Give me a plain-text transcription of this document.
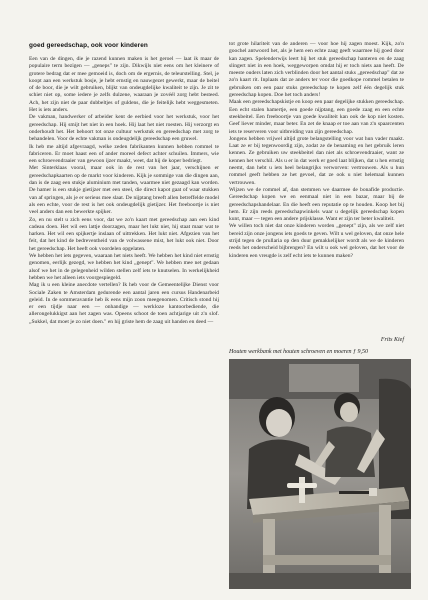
goed gereedschap, ook voor kinderen

Een van de dingen, die je razend kunnen maken is het geroel — laat ik maar de populaire term bezigen — „geneps" te zijn. Dikwijls niet eens om het kleinere of grotere bedrag dat er mee gemoeid is, doch om de ergernis, de teleurstelling. Stel, je koopt aan een werkstuk bosje, je hebt ernstig en nauwgezet gewerkt, maar de beitel of de boor, die je wilt gebruiken, blijkt van ondeugdelijke kwaliteit te zijn. Je zit te schiet niet op, some iedere je zelfs dulzene, waaraan je zovéél zorg hebt besteed. Ach, het zijn niet de paar dubbeltjes of guldens, die je feitelijk hebt weggesmeten. Het is iets anders.

De vakman, handwerker of arbeider kent de eerbied voor het werkstuk, voor het gereedschap. Hij smijt het niet in een hoek. Hij laat het niet roesten. Hij verzorgt en onderhoudt het. Het behoort tot onze cultuur werkstuk en gereedschap met zorg te behandelen. Voor de echte vakman is ondeugdelijk gereedschap een gruwel.

Ik heb me altijd afgevraagd, welke zeden fabrikanten kunnen hebben rommel te fabriceren. Er moet haast een of ander moreel defect achter schuilen. Immers, wie een schroevendraaier van gewoon ijzer maakt, weet, dat hij de koper bedriegt.

Met Sinterklaas vooral, maar ook in de rest van het jaar, verschijnen er gereedschapkaarten op de markt voor kinderen. Kijk je sommige van die dingen aan, dan is de zaag een stukje aluminium met tanden, waarmee niet gezaagd kan worden. De hamer is een stukje gietijzer met een steel, die direct kapot gaat of waar stukken van af springen, als je er serieus mee slaat. De nijptang breeft allen betreffelde model als een echte, voor de rest is het ook ondeugdelijk gietijzer. Het freeboortje is niet veel anders dan een bewerkte spijker.

Zo, en nu stelt u zich eens voor, dat we zo'n kaart met gereedschap aan een kind cadeau doen. Het wil een lattje doorzagen, maar het lukt niet, hij staat maar wat te harken. Het wil een spijkertje inslaan of uittrekken. Het lukt niet. Afgezien van het feit, dat het kind de bedreventheid van de volwassene mist, het lukt ook niet. Door het gereedschap. Het heeft ook voordelen opgelaten.

We hebben het iets gegeven, waaraan het niets heeft. We hebben het kind niet ernstig genomen, eerlijk gezegd, we hebben het kind „genept". We hebben mee net gedaan alsof we het in de gelegenheid wilden stellen zelf iets te knutselen. In werkelijkheid hebben we het alleen iets voorgespiegeld.

Mag ik u een kleine anecdote vertellen? Ik heb voor de Gemeentelijke Dienst voor Sociale Zaken te Amsterdam gedurende een aantal jaren een cursus Handenarbeid geleid. In de sommeravantie heb ik eens mijn zoon meegenomen. Critisch stond hij er een tijdje naar een — onhandige — werkloze kantoorbediende, die allerongelukkigst aan het zagen was. Opeens schoot de toen achtjarige uit z'n slof. „Sukkel, dat moet je zo niet doen." en hij griste hem de zaag uit handen en deed —

tot grote hilariteit van de anderen — voor hoe hij zagen moest. Kijk, zo'n goochel antwoord het, als je hem een echte zaag geeft waarmee hij goed door kan zagen. Spelenderwijs leert hij het stuk gereedschap hanteren en de zaag slingert niet in een hoek, weggeworpen omdat hij er toch niets aan heeft. De meeste ouders laten zich verblinden door het aantal stuks „gereedschap" dat ze zo'n kaart rit. Inplaats dat ze anders ter voor die goedkope rommel betalen te gebruiken om een paar stuks gereedschap te kopen zelf één degelijk stuk gereedschap kopen. Doe het toch anders!

Maak een gereedschapskistje en koop een paar degelijke stukken gereedschap. Een echt stalen hamertje, een goede nijptang, een goede zaag en een echte steekbeitel. Een freeboortje van goede kwaliteit kan ook de kop niet kosten. Geef liever minder, maar beter. En zet de knaap er toe aan van z'n spaarcenten iets te reserveren voor uitbreiding van zijn gereedschap.

Jongens hebben vrijwel altijd grote belangstelling voor wat hun vader maakt. Laat ze er bij tegenwoordig zijn, zodat ze de benaming en het gebruik leren kennen. Ze gebruiken uw steekbeitel dan niet als schroevendraaier, want ze kennen het verschil. Als u er in dat werk er goed laat blijken, dat u hen ernstig neemt, dan hebt u iets heel belangrijks verworven: vertrouwen. Als u hun rommel geeft hebben ze het gevoel, dat ze ook u niet helemaal kunnen vertrouwen.

Wijzen we de rommel af, dan stemmen we daarmee de bonafide productie. Gereedschap kopen we en eenmaal niet in een bazar, maar bij de gereedschapshandelaar. En die heeft een reputatie op te houden. Koop het bij hem. Er zijn reeds gereedschapwinkels waar u degelijk gereedschap kopen kunt, maar — tegen een andere prijsklasse. Want er zijn ter beter kwaliteit.

We willen toch niet dat onze kinderen worden „genept" zijn, als we zelf niet bereid zijn onze jongens iets goeds te geven. Wilt u wel geloven, dat onze hele strijd tegen de prullaria op den duur gemakkelijker wordt als we de kinderen reeds het onderscheid bijbrengen? En wilt u ook wel geloven, dat het voor de kinderen een vreugde is zelf echt iets te kunnen maken?

Frits Kief
Houten werkbank met houten schroeven en moeren ƒ 9,50
